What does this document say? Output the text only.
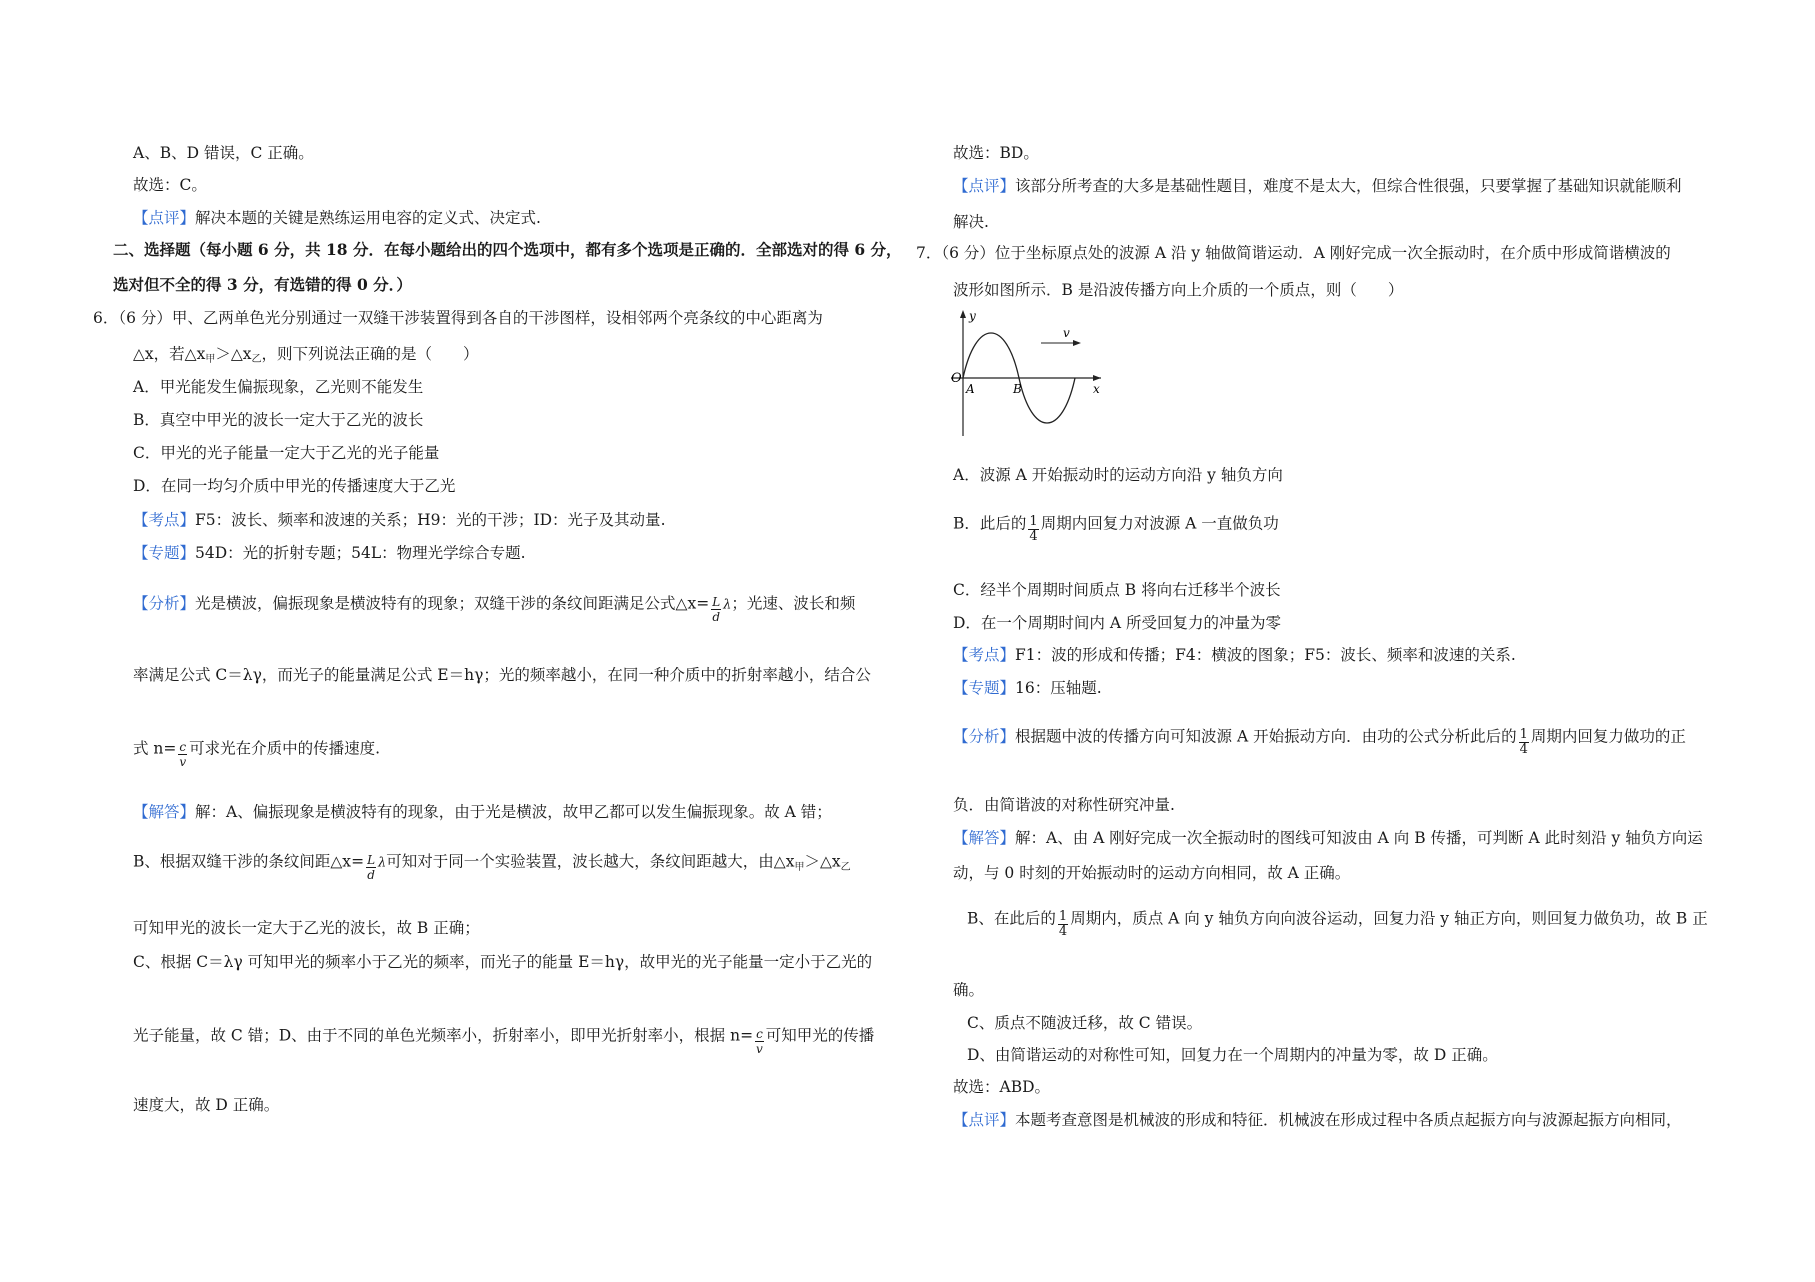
A、B、D 错误，C 正确。
故选：C。
【点评】解决本题的关键是熟练运用电容的定义式、决定式.
二、选择题（每小题 6 分，共 18 分．在每小题给出的四个选项中，都有多个选项是正确的．全部选对的得 6 分，
选对但不全的得 3 分，有选错的得 0 分．）
6．（6 分）甲、乙两单色光分别通过一双缝干涉装置得到各自的干涉图样，设相邻两个亮条纹的中心距离为
△x，若△x甲＞△x乙，则下列说法正确的是（　　）
A．甲光能发生偏振现象，乙光则不能发生
B．真空中甲光的波长一定大于乙光的波长
C．甲光的光子能量一定大于乙光的光子能量
D．在同一均匀介质中甲光的传播速度大于乙光
【考点】F5：波长、频率和波速的关系；H9：光的干涉；ID：光子及其动量.
【专题】54D：光的折射专题；54L：物理光学综合专题.
【分析】光是横波，偏振现象是横波特有的现象；双缝干涉的条纹间距满足公式△x= $\frac{L}{d}$ λ；光速、波长和频
率满足公式 C＝λγ，而光子的能量满足公式 E＝hγ；光的频率越小，在同一种介质中的折射率越小，结合公
式 $n= \frac{c}{v}$ 可求光在介质中的传播速度.
【解答】解：A、偏振现象是横波特有的现象，由于光是横波，故甲乙都可以发生偏振现象。故 A 错；
B、根据双缝干涉的条纹间距△x= $\frac{L}{d}$ λ可知对于同一个实验装置，波长越大，条纹间距越大，由△x甲＞△x乙
可知甲光的波长一定大于乙光的波长，故 B 正确；
C、根据 C＝λγ 可知甲光的频率小于乙光的频率，而光子的能量 E＝hγ，故甲光的光子能量一定小于乙光的
光子能量，故 C 错；D、由于不同的单色光频率小，折射率小，即甲光折射率小，根据 $n= \frac{c}{v}$ 可知甲光的传播
速度大，故 D 正确。
故选：BD。
【点评】该部分所考查的大多是基础性题目，难度不是太大，但综合性很强，只要掌握了基础知识就能顺利
解决.
7．（6 分）位于坐标原点处的波源 A 沿 y 轴做简谐运动．A 刚好完成一次全振动时，在介质中形成简谐横波的
波形如图所示．B 是沿波传播方向上介质的一个质点，则（　　）
y
v
O
A	B	x
A．波源 A 开始振动时的运动方向沿 y 轴负方向
B．此后的 $\frac{1}{4}$ 周期内回复力对波源 A 一直做负功
C．经半个周期时间质点 B 将向右迁移半个波长
D．在一个周期时间内 A 所受回复力的冲量为零
【考点】F1：波的形成和传播；F4：横波的图象；F5：波长、频率和波速的关系.
【专题】16：压轴题.
【分析】根据题中波的传播方向可知波源 A 开始振动方向．由功的公式分析此后的 $\frac{1}{4}$ 周期内回复力做功的正
负．由简谐波的对称性研究冲量.
【解答】解：A、由 A 刚好完成一次全振动时的图线可知波由 A 向 B 传播，可判断 A 此时刻沿 y 轴负方向运
动，与 0 时刻的开始振动时的运动方向相同，故 A 正确。
B、在此后的 $\frac{1}{4}$ 周期内，质点 A 向 y 轴负方向向波谷运动，回复力沿 y 轴正方向，则回复力做负功，故 B 正
确。
C、质点不随波迁移，故 C 错误。
D、由简谐运动的对称性可知，回复力在一个周期内的冲量为零，故 D 正确。
故选：ABD。
【点评】本题考查意图是机械波的形成和特征．机械波在形成过程中各质点起振方向与波源起振方向相同，
